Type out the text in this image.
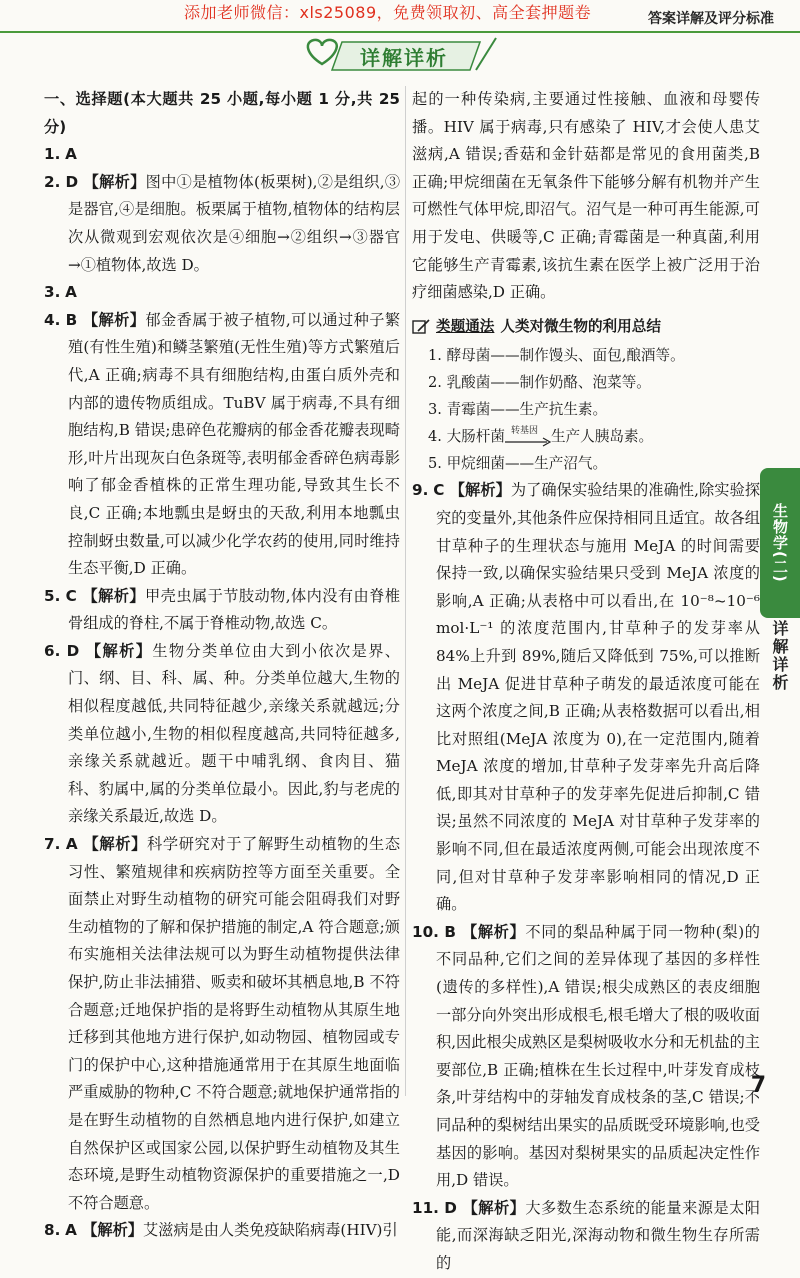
添加老师微信：xls25089，免费领取初、高全套押题卷	答案详解及评分标准
详解详析

一、选择题(本大题共 25 小题,每小题 1 分,共 25 分)

1. A

2. D 【解析】图中①是植物体(板栗树),②是组织,③是器官,④是细胞。板栗属于植物,植物体的结构层次从微观到宏观依次是④细胞→②组织→③器官→①植物体,故选 D。

3. A

4. B 【解析】郁金香属于被子植物,可以通过种子繁殖(有性生殖)和鳞茎繁殖(无性生殖)等方式繁殖后代,A 正确;病毒不具有细胞结构,由蛋白质外壳和内部的遗传物质组成。TuBV 属于病毒,不具有细胞结构,B 错误;患碎色花瓣病的郁金香花瓣表现畸形,叶片出现灰白色条斑等,表明郁金香碎色病毒影响了郁金香植株的正常生理功能,导致其生长不良,C 正确;本地瓢虫是蚜虫的天敌,利用本地瓢虫控制蚜虫数量,可以减少化学农药的使用,同时维持生态平衡,D 正确。

5. C 【解析】甲壳虫属于节肢动物,体内没有由脊椎骨组成的脊柱,不属于脊椎动物,故选 C。

6. D 【解析】生物分类单位由大到小依次是界、门、纲、目、科、属、种。分类单位越大,生物的相似程度越低,共同特征越少,亲缘关系就越远;分类单位越小,生物的相似程度越高,共同特征越多,亲缘关系就越近。题干中哺乳纲、食肉目、猫科、豹属中,属的分类单位最小。因此,豹与老虎的亲缘关系最近,故选 D。

7. A 【解析】科学研究对于了解野生动植物的生态习性、繁殖规律和疾病防控等方面至关重要。全面禁止对野生动植物的研究可能会阻碍我们对野生动植物的了解和保护措施的制定,A 符合题意;颁布实施相关法律法规可以为野生动植物提供法律保护,防止非法捕猎、贩卖和破坏其栖息地,B 不符合题意;迁地保护指的是将野生动植物从其原生地迁移到其他地方进行保护,如动物园、植物园或专门的保护中心,这种措施通常用于在其原生地面临严重威胁的物种,C 不符合题意;就地保护通常指的是在野生动植物的自然栖息地内进行保护,如建立自然保护区或国家公园,以保护野生动植物及其生态环境,是野生动植物资源保护的重要措施之一,D 不符合题意。

8. A 【解析】艾滋病是由人类免疫缺陷病毒(HIV)引

起的一种传染病,主要通过性接触、血液和母婴传播。HIV 属于病毒,只有感染了 HIV,才会使人患艾滋病,A 错误;香菇和金针菇都是常见的食用菌类,B 正确;甲烷细菌在无氧条件下能够分解有机物并产生可燃性气体甲烷,即沼气。沼气是一种可再生能源,可用于发电、供暖等,C 正确;青霉菌是一种真菌,利用它能够生产青霉素,该抗生素在医学上被广泛用于治疗细菌感染,D 正确。

类题通法 人类对微生物的利用总结
1. 酵母菌——制作馒头、面包,酿酒等。
2. 乳酸菌——制作奶酪、泡菜等。
3. 青霉菌——生产抗生素。
4. 大肠杆菌 转基因 生产人胰岛素。
5. 甲烷细菌——生产沼气。

9. C 【解析】为了确保实验结果的准确性,除实验探究的变量外,其他条件应保持相同且适宜。故各组甘草种子的生理状态与施用 MeJA 的时间需要保持一致,以确保实验结果只受到 MeJA 浓度的影响,A 正确;从表格中可以看出,在 10⁻⁸~10⁻⁶ mol·L⁻¹ 的浓度范围内,甘草种子的发芽率从 84%上升到 89%,随后又降低到 75%,可以推断出 MeJA 促进甘草种子萌发的最适浓度可能在这两个浓度之间,B 正确;从表格数据可以看出,相比对照组(MeJA 浓度为 0),在一定范围内,随着 MeJA 浓度的增加,甘草种子发芽率先升高后降低,即其对甘草种子的发芽率先促进后抑制,C 错误;虽然不同浓度的 MeJA 对甘草种子发芽率的影响不同,但在最适浓度两侧,可能会出现浓度不同,但对甘草种子发芽率影响相同的情况,D 正确。

10. B 【解析】不同的梨品种属于同一物种(梨)的不同品种,它们之间的差异体现了基因的多样性(遗传的多样性),A 错误;根尖成熟区的表皮细胞一部分向外突出形成根毛,根毛增大了根的吸收面积,因此根尖成熟区是梨树吸收水分和无机盐的主要部位,B 正确;植株在生长过程中,叶芽发育成枝条,叶芽结构中的芽轴发育成枝条的茎,C 错误;不同品种的梨树结出果实的品质既受环境影响,也受基因的影响。基因对梨树果实的品质起决定性作用,D 错误。

11. D 【解析】大多数生态系统的能量来源是太阳能,而深海缺乏阳光,深海动物和微生物生存所需的

生物学(二)
详解详析
7
